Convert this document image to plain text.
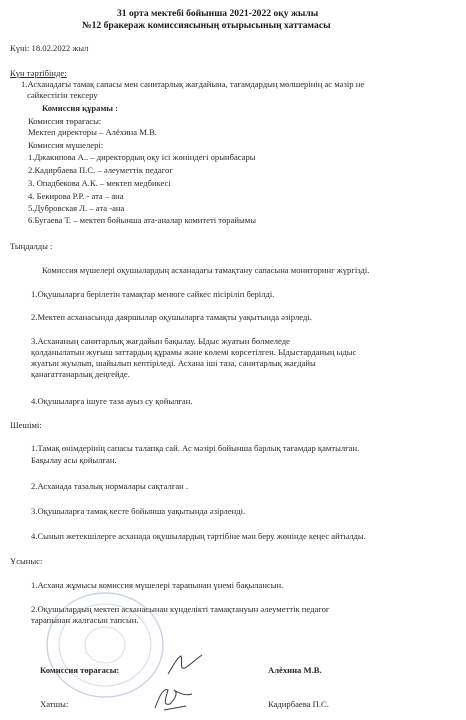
31 орта мектебі бойынша 2021-2022 оқу жылы
№12 бракераж комиссиясының отырысының хаттамасы
Күні: 18.02.2022 жыл
Күн тәртібінде:
1.Асханадағы тамақ сапасы мен санитарлық жағдайына, тағамдардың мөлшерінің ас мәзір не
сәйкестігін тексеру
Комиссия құрамы :
Комиссия төрағасы:
Мектеп директоры – Алёхина М.В.
Комиссия мүшелері:
1.Джакипова А.. – директордың оқу ісі жөніндегі орынбасары
2.Кадирбаева П.С. – әлеуметтік педагог
3. Опадбекова А.К. – мектеп медбикесі
4. Бекирова Р.Р. - ата – ана
5.Дубровская Л. – ата -ана
6.Бугаева Т. – мектеп бойынша ата-аналар комитеті төрайымы
Тыңдалды :
Комиссия мүшелері оқушылардың асханадағы тамақтану сапасына мониторинг жүргізді.
1.Оқушыларға берілетін тамақтар менюге сәйкес пісіріліп берілді.
2.Мектеп асханасында даяршылар оқушыларға тамақты уақытында әзірледі.
3.Асхананың санитарлық жағдайын бақылау. Ыдыс жуатын бөлмеледе
қолданылатын жуғыш заттардың құрамы және көлемі көрсетілген. Ыдыстарданың ыдыс
жуатын жуылып, шайылып кептіріледі. Асхана іші таза, санитарлық жағдайы
қанағаттанарлық деңгейде.
4.Оқушыларға ішуге таза ауыз су қойылған.
Шешімі:
1.Тамақ өнімдерінің сапасы талапқа сай. Ас мәзірі бойынша барлық тағамдар қамтылған.
Бақылау асы қойылған.
2.Асханада тазалық нормалары сақталған .
3.Оқушыларға тамақ кесте бойынша уақытында әзірленді.
4.Сынып жетекшілерге асханада оқушылардың тәртібіне мән беру жөнінде кеңес айтылды.
Ұсыныс:
1.Асхана жұмысы комиссия мүшелері тарапынан үнемі бақылансын.
2.Оқушылардың мектеп асханасынан күнделікті тамақтануын әлеуметтік педагог
тарапынан жалғасын тапсын.
Комиссия төрағасы:	Алёхина М.В.
Хатшы:	Кадирбаева П.С.
